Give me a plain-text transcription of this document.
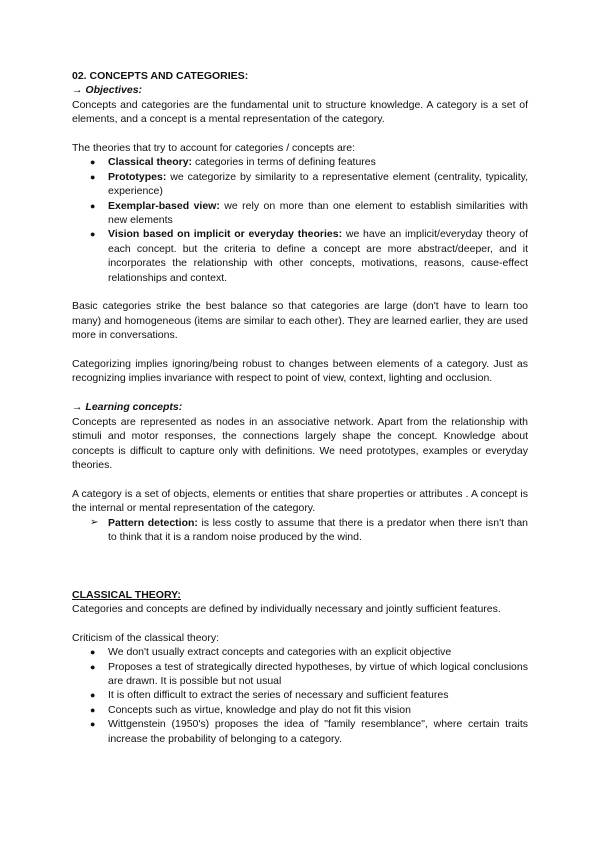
02. CONCEPTS AND CATEGORIES:

→ Objectives:

Concepts and categories are the fundamental unit to structure knowledge. A category is a set of elements, and a concept is a mental representation of the category.

The theories that try to account for categories / concepts are:

● Classical theory: categories in terms of defining features
● Prototypes: we categorize by similarity to a representative element (centrality, typicality, experience)
● Exemplar-based view: we rely on more than one element to establish similarities with new elements
● Vision based on implicit or everyday theories: we have an implicit/everyday theory of each concept. but the criteria to define a concept are more abstract/deeper, and it incorporates the relationship with other concepts, motivations, reasons, cause-effect relationships and context.

Basic categories strike the best balance so that categories are large (don't have to learn too many) and homogeneous (items are similar to each other). They are learned earlier, they are used more in conversations.

Categorizing implies ignoring/being robust to changes between elements of a category. Just as recognizing implies invariance with respect to point of view, context, lighting and occlusion.

→ Learning concepts:

Concepts are represented as nodes in an associative network. Apart from the relationship with stimuli and motor responses, the connections largely shape the concept. Knowledge about concepts is difficult to capture only with definitions. We need prototypes, examples or everyday theories.

A category is a set of objects, elements or entities that share properties or attributes . A concept is the internal or mental representation of the category.

➢ Pattern detection: is less costly to assume that there is a predator when there isn't than to think that it is a random noise produced by the wind.

CLASSICAL THEORY:

Categories and concepts are defined by individually necessary and jointly sufficient features.

Criticism of the classical theory:

● We don't usually extract concepts and categories with an explicit objective
● Proposes a test of strategically directed hypotheses, by virtue of which logical conclusions are drawn. It is possible but not usual
● It is often difficult to extract the series of necessary and sufficient features
● Concepts such as virtue, knowledge and play do not fit this vision
● Wittgenstein (1950's) proposes the idea of "family resemblance", where certain traits increase the probability of belonging to a category.
